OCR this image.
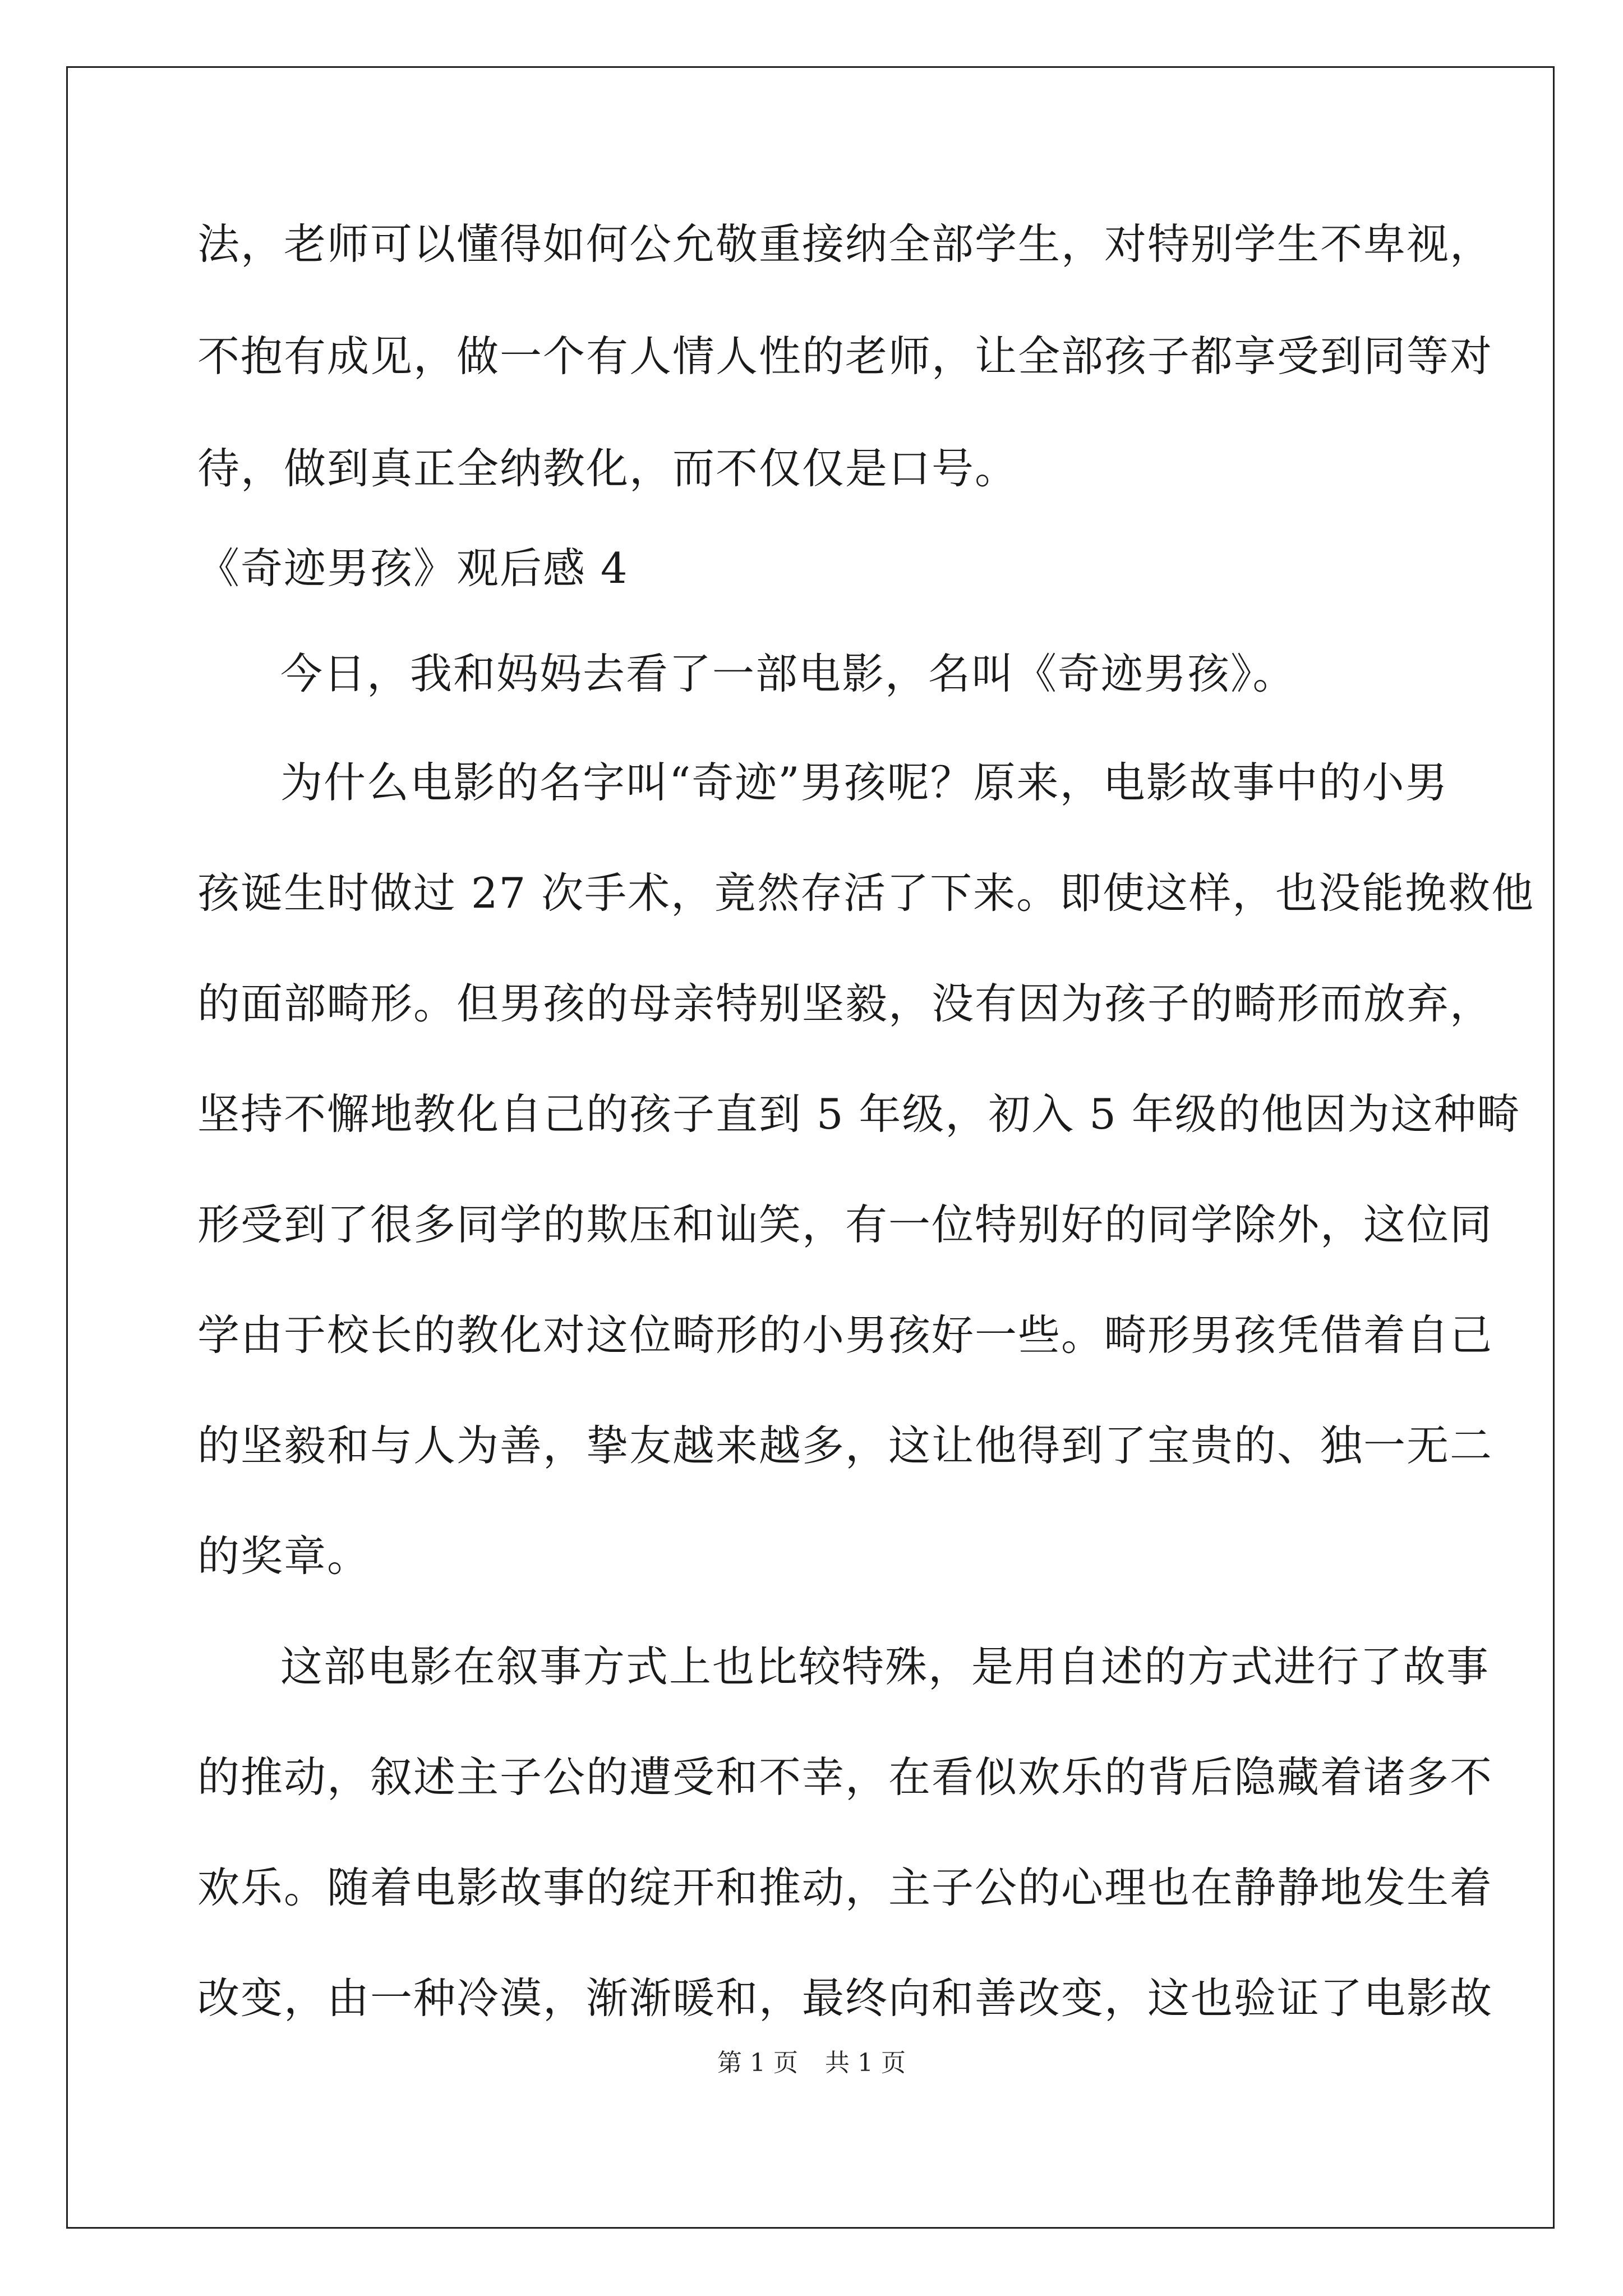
法，老师可以懂得如何公允敬重接纳全部学生，对特别学生不卑视，
不抱有成见，做一个有人情人性的老师，让全部孩子都享受到同等对
待，做到真正全纳教化，而不仅仅是口号。
《奇迹男孩》观后感 4
今日，我和妈妈去看了一部电影，名叫《奇迹男孩》。
为什么电影的名字叫“奇迹”男孩呢？原来，电影故事中的小男
孩诞生时做过 27 次手术，竟然存活了下来。即使这样，也没能挽救他
的面部畸形。但男孩的母亲特别坚毅，没有因为孩子的畸形而放弃，
坚持不懈地教化自己的孩子直到 5 年级，初入 5 年级的他因为这种畸
形受到了很多同学的欺压和讪笑，有一位特别好的同学除外，这位同
学由于校长的教化对这位畸形的小男孩好一些。畸形男孩凭借着自己
的坚毅和与人为善，挚友越来越多，这让他得到了宝贵的、独一无二
的奖章。
这部电影在叙事方式上也比较特殊，是用自述的方式进行了故事
的推动，叙述主子公的遭受和不幸，在看似欢乐的背后隐藏着诸多不
欢乐。随着电影故事的绽开和推动，主子公的心理也在静静地发生着
改变，由一种冷漠，渐渐暖和，最终向和善改变，这也验证了电影故
第 1 页 共 1 页
